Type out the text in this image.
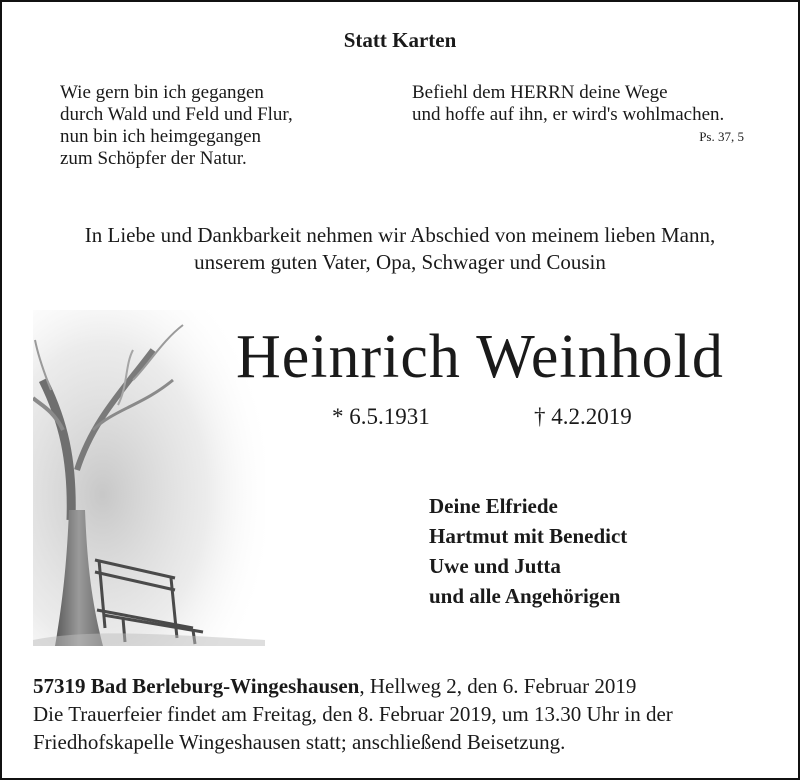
Statt Karten
Wie gern bin ich gegangen
durch Wald und Feld und Flur,
nun bin ich heimgegangen
zum Schöpfer der Natur.
Befiehl dem HERRN deine Wege
und hoffe auf ihn, er wird's wohlmachen.
Ps. 37, 5
In Liebe und Dankbarkeit nehmen wir Abschied von meinem lieben Mann,
unserem guten Vater, Opa, Schwager und Cousin
Heinrich Weinhold
* 6.5.1931	† 4.2.2019
Deine Elfriede
Hartmut mit Benedict
Uwe und Jutta
und alle Angehörigen
57319 Bad Berleburg-Wingeshausen, Hellweg 2, den 6. Februar 2019
Die Trauerfeier findet am Freitag, den 8. Februar 2019, um 13.30 Uhr in der
Friedhofskapelle Wingeshausen statt; anschließend Beisetzung.
